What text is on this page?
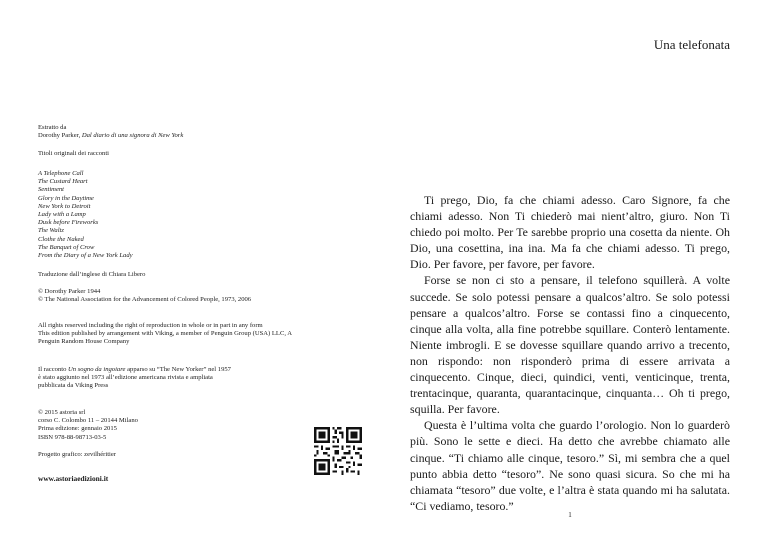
Estratto da

Dorothy Parker, Dal diario di una signora di New York

Titoli originali dei racconti

A Telephone Call

The Custard Heart

Sentiment

Glory in the Daytime

New York to Detroit

Lady with a Lamp

Dusk before Fireworks

The Waltz

Clothe the Naked

The Banquet of Crow

From the Diary of a New York Lady

Traduzione dall’inglese di Chiara Libero

© Dorothy Parker 1944

© The National Association for the Advancement of Colored People, 1973, 2006

All rights reserved including the right of reproduction in whole or in part in any form

This edition published by arrangement with Viking, a member of Penguin Group (USA) LLC, A Penguin Random House Company

Il racconto Un sogno da ingoiare apparso su “The New Yorker” nel 1957

è stato aggiunto nel 1973 all’edizione americana rivista e ampliata

pubblicata da Viking Press

© 2015 astoria srl

corso C. Colombo 11 – 20144 Milano

Prima edizione: gennaio 2015

ISBN 978-88-98713-03-5

Progetto grafico: zevilhéritier

www.astoriaedizioni.it

Una telefonata

Ti prego, Dio, fa che chiami adesso. Caro Signore, fa che chiami adesso. Non Ti chiederò mai nient’altro, giuro. Non Ti chiedo poi molto. Per Te sarebbe proprio una cosetta da niente. Oh Dio, una cosettina, ina ina. Ma fa che chiami adesso. Ti prego, Dio. Per favore, per favore, per favore.

Forse se non ci sto a pensare, il telefono squillerà. A volte succede. Se solo potessi pensare a qualcos’altro. Se solo potessi pensare a qualcos’altro. Forse se contassi fino a cinquecento, cinque alla volta, alla fine potrebbe squillare. Conterò lentamente. Niente imbrogli. E se dovesse squillare quando arrivo a trecento, non rispondo: non risponderò prima di essere arrivata a cinquecento. Cinque, dieci, quindici, venti, venticinque, trenta, trentacinque, quaranta, quarantacinque, cinquanta… Oh ti prego, squilla. Per favore.

Questa è l’ultima volta che guardo l’orologio. Non lo guarderò più. Sono le sette e dieci. Ha detto che avrebbe chiamato alle cinque. “Ti chiamo alle cinque, tesoro.” Sì, mi sembra che a quel punto abbia detto “tesoro”. Ne sono quasi sicura. So che mi ha chiamata “tesoro” due volte, e l’altra è stata quando mi ha salutata. “Ci vediamo, tesoro.”

1
